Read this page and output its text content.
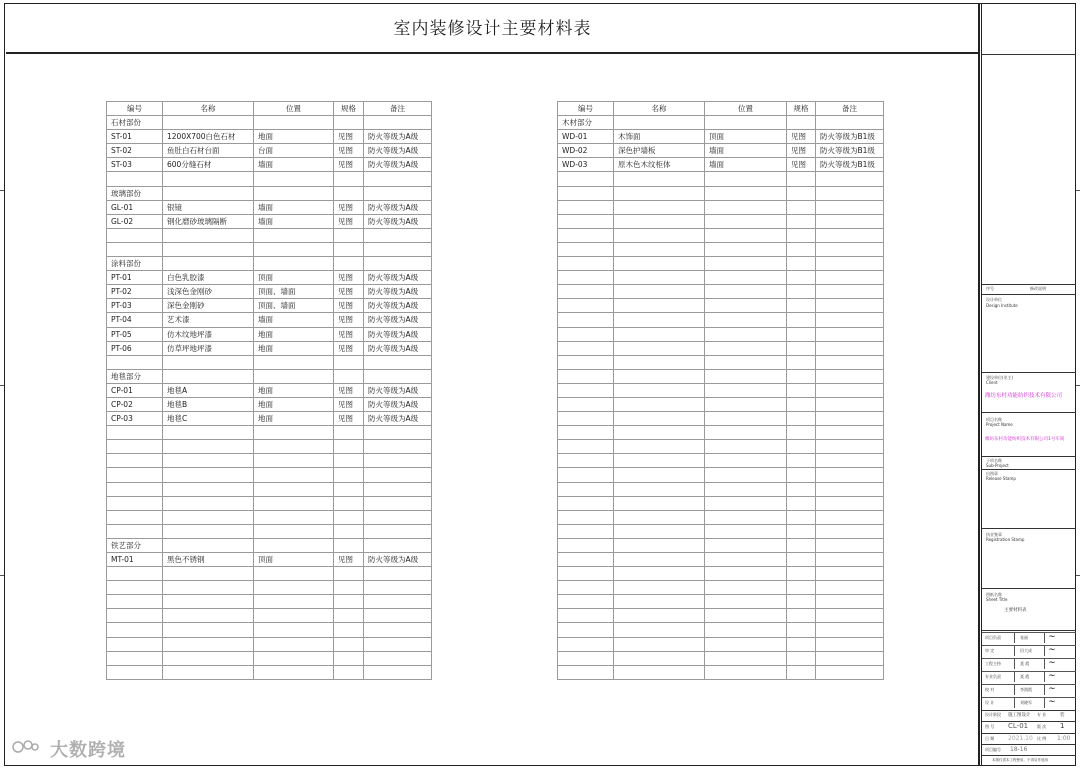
室内装修设计主要材料表
编号	名称	位置	规格	备注
石材部份				
ST-01	1200X700白色石材	地面	见图	防火等级为A级
ST-02	鱼肚白石材台面	台面	见图	防火等级为A级
ST-03	600分缝石材	墙面	见图	防火等级为A级

玻璃部份				
GL-01	银镜	墙面	见图	防火等级为A级
GL-02	钢化磨砂玻璃隔断	墙面	见图	防火等级为A级

涂料部份				
PT-01	白色乳胶漆	顶面	见图	防火等级为A级
PT-02	浅深色金刚砂	顶面、墙面	见图	防火等级为A级
PT-03	深色金刚砂	顶面、墙面	见图	防火等级为A级
PT-04	艺术漆	墙面	见图	防火等级为A级
PT-05	仿木纹地坪漆	地面	见图	防火等级为A级
PT-06	仿草坪地坪漆	地面	见图	防火等级为A级

地毯部分				
CP-01	地毯A	地面	见图	防火等级为A级
CP-02	地毯B	地面	见图	防火等级为A级
CP-03	地毯C	地面	见图	防火等级为A级

铁艺部分				
MT-01	黑色不锈钢	顶面	见图	防火等级为A级

编号	名称	位置	规格	备注
木材部分				
WD-01	木饰面	顶面	见图	防火等级为B1级
WD-02	深色护墙板	墙面	见图	防火等级为B1级
WD-03	原木色木纹柜体	墙面	见图	防火等级为B1级

序号	修改说明
设计单位
Design Institute
建设单位(业主)
Client
潍坊东村功能纺织技术有限公司
项目名称
Project Name
潍坊东村功能纺织技术有限公司1号车间
子项名称
Sub-Project
出图章
Release Stamp
执业签章
Registration Stamp
图纸名称
Sheet Title
主要材料表
项目负责	张丽 ~
审 定	田大成 ~
工程主持	聂 霞 ~
专业负责	聂 霞 ~
校 对	李润霞 ~
设 计	刘晓军 ~
设计阶段 施工图设计 专 业	装
图 号 CL-01 版 次 1
日 期 2021.10 比 例 1:00
项目编号 18-16
本图仅供本工程使用，不得另作他用
大数跨境
